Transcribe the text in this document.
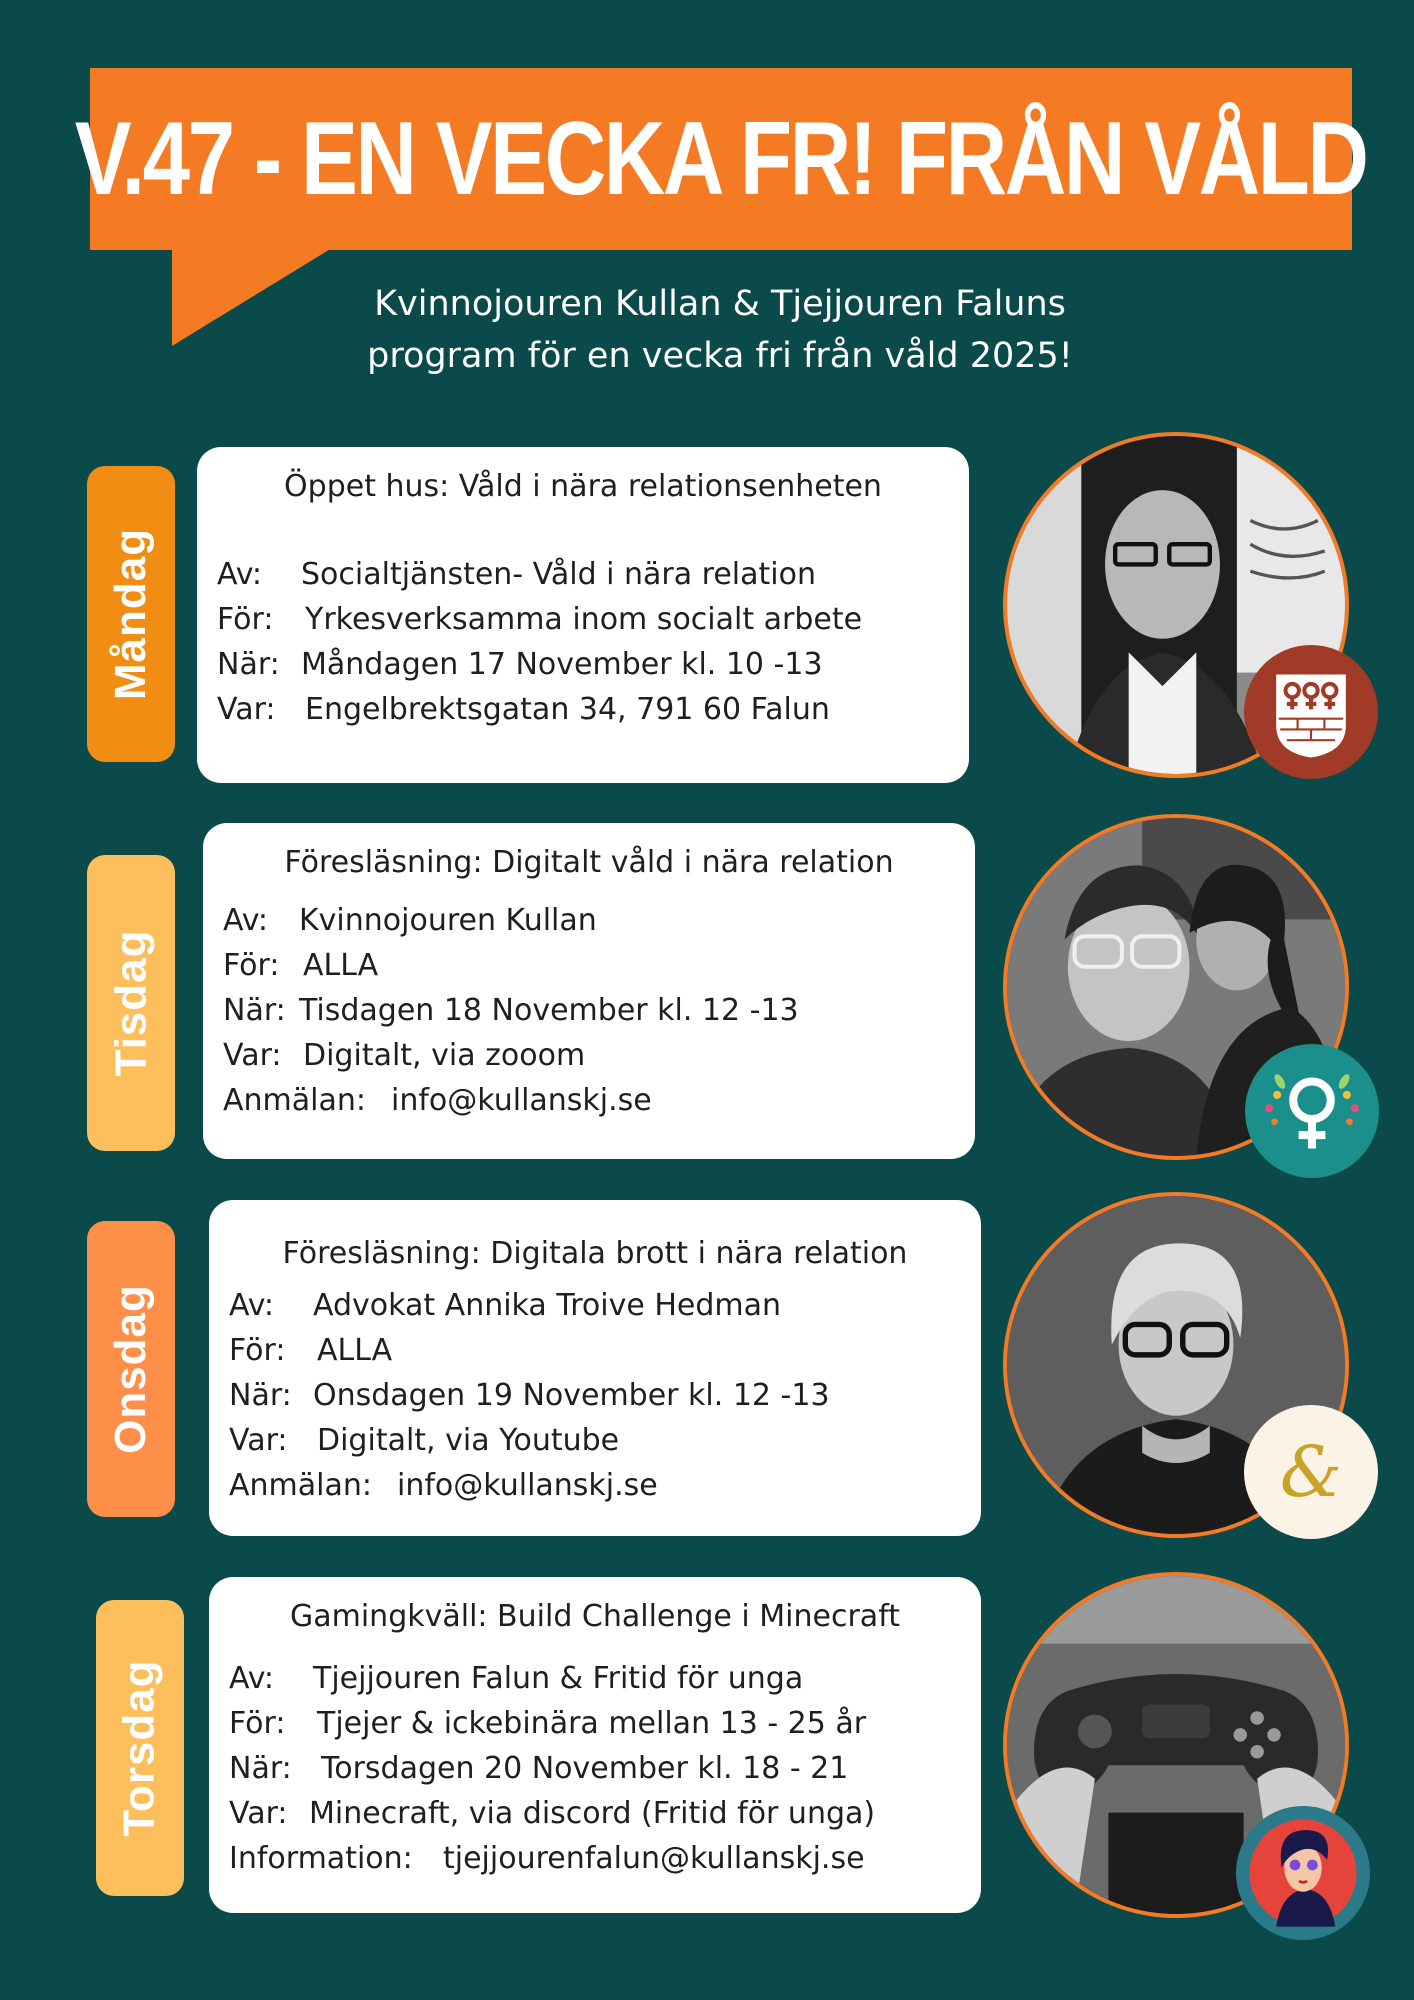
V.47 - EN VECKA FR! FRÅN VÅLD
Kvinnojouren Kullan & Tjejjouren Faluns
program för en vecka fri från våld 2025!
Måndag
Öppet hus: Våld i nära relationsenheten
Av: Socialtjänsten- Våld i nära relation
För: Yrkesverksamma inom socialt arbete
När: Måndagen 17 November kl. 10 -13
Var: Engelbrektsgatan 34, 791 60 Falun
Tisdag
Föresläsning: Digitalt våld i nära relation
Av: Kvinnojouren Kullan
För: ALLA
När: Tisdagen 18 November kl. 12 -13
Var: Digitalt, via zooom
Anmälan: info@kullanskj.se
Onsdag
Föresläsning: Digitala brott i nära relation
Av: Advokat Annika Troive Hedman
För: ALLA
När: Onsdagen 19 November kl. 12 -13
Var: Digitalt, via Youtube
Anmälan: info@kullanskj.se	&
Torsdag
Gamingkväll: Build Challenge i Minecraft
Av: Tjejjouren Falun & Fritid för unga
För: Tjejer & ickebinära mellan 13 - 25 år
När: Torsdagen 20 November kl. 18 - 21
Var: Minecraft, via discord (Fritid för unga)
Information: tjejjourenfalun@kullanskj.se
